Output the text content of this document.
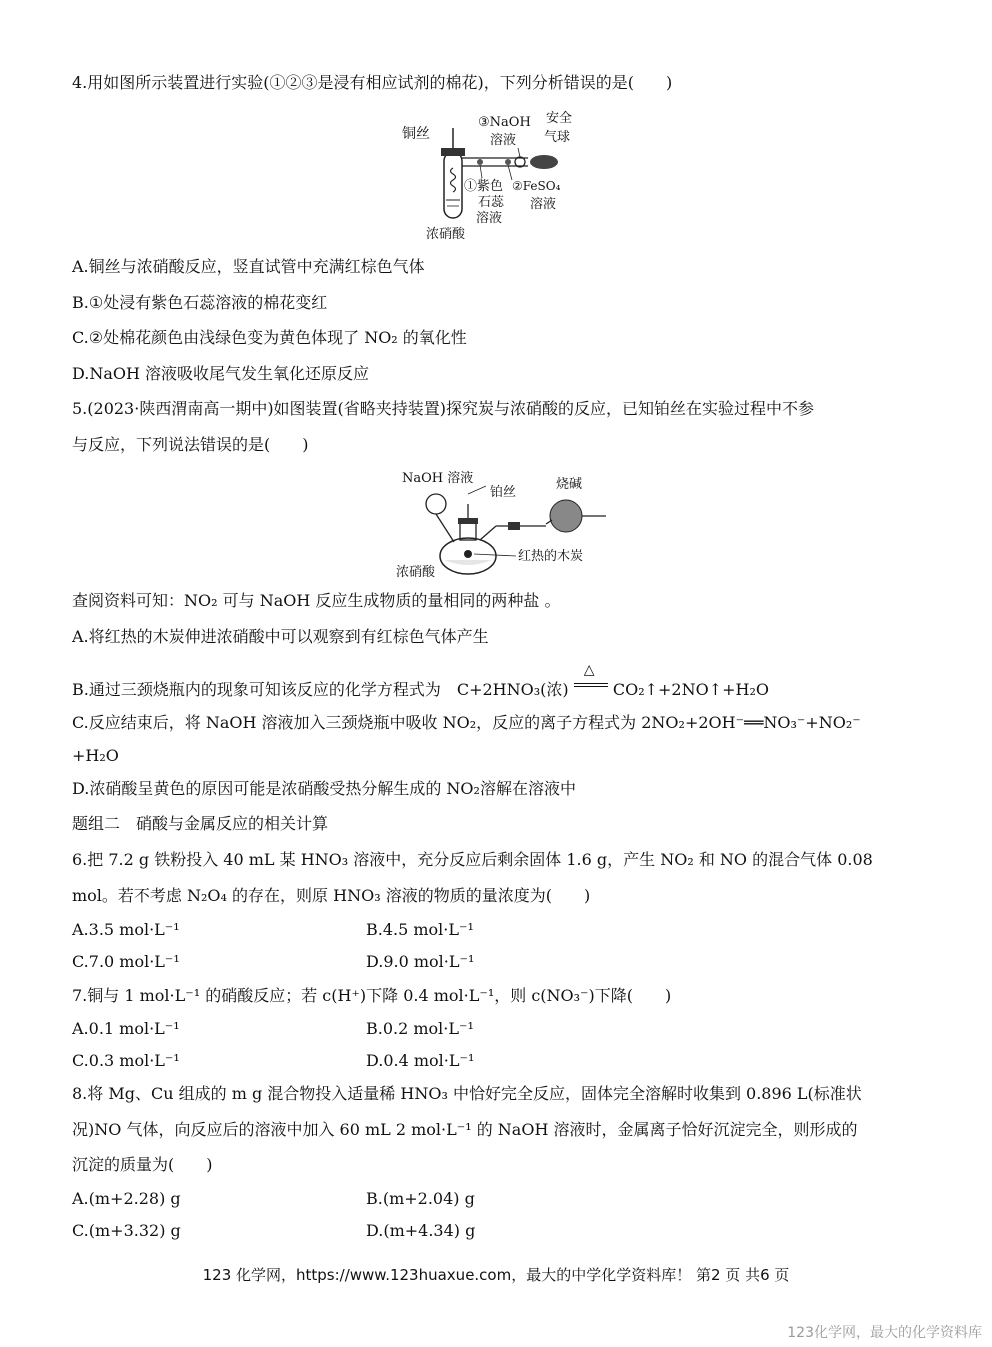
4.用如图所示装置进行实验(①②③是浸有相应试剂的棉花)，下列分析错误的是(　　)
铜丝
③NaOH
溶液
安全
气球
①紫色
石蕊
溶液
②FeSO₄
溶液
浓硝酸
A.铜丝与浓硝酸反应，竖直试管中充满红棕色气体
B.①处浸有紫色石蕊溶液的棉花变红
C.②处棉花颜色由浅绿色变为黄色体现了 NO₂ 的氧化性
D.NaOH 溶液吸收尾气发生氧化还原反应
5.(2023·陕西渭南高一期中)如图装置(省略夹持装置)探究炭与浓硝酸的反应，已知铂丝在实验过程中不参
与反应，下列说法错误的是(　　)
NaOH 溶液
铂丝
烧碱
红热的木炭
浓硝酸
查阅资料可知：NO₂ 可与 NaOH 反应生成物质的量相同的两种盐 。
A.将红热的木炭伸进浓硝酸中可以观察到有红棕色气体产生
B.通过三颈烧瓶内的现象可知该反应的化学方程式为　C+2HNO₃(浓)
△
CO₂↑+2NO↑+H₂O
C.反应结束后，将 NaOH 溶液加入三颈烧瓶中吸收 NO₂，反应的离子方程式为 2NO₂+2OH⁻══NO₃⁻+NO₂⁻
+H₂O
D.浓硝酸呈黄色的原因可能是浓硝酸受热分解生成的 NO₂溶解在溶液中
题组二　硝酸与金属反应的相关计算
6.把 7.2 g 铁粉投入 40 mL 某 HNO₃ 溶液中，充分反应后剩余固体 1.6 g，产生 NO₂ 和 NO 的混合气体 0.08
mol。若不考虑 N₂O₄ 的存在，则原 HNO₃ 溶液的物质的量浓度为(　　)
A.3.5 mol·L⁻¹	B.4.5 mol·L⁻¹
C.7.0 mol·L⁻¹	D.9.0 mol·L⁻¹
7.铜与 1 mol·L⁻¹ 的硝酸反应；若 c(H⁺)下降 0.4 mol·L⁻¹，则 c(NO₃⁻)下降(　　)
A.0.1 mol·L⁻¹	B.0.2 mol·L⁻¹
C.0.3 mol·L⁻¹	D.0.4 mol·L⁻¹
8.将 Mg、Cu 组成的 m g 混合物投入适量稀 HNO₃ 中恰好完全反应，固体完全溶解时收集到 0.896 L(标准状
况)NO 气体，向反应后的溶液中加入 60 mL 2 mol·L⁻¹ 的 NaOH 溶液时，金属离子恰好沉淀完全，则形成的
沉淀的质量为(　　)
A.(m+2.28) g	B.(m+2.04) g
C.(m+3.32) g	D.(m+4.34) g
123 化学网，https://www.123huaxue.com，最大的中学化学资料库！ 第2 页 共6 页
123化学网，最大的化学资料库
